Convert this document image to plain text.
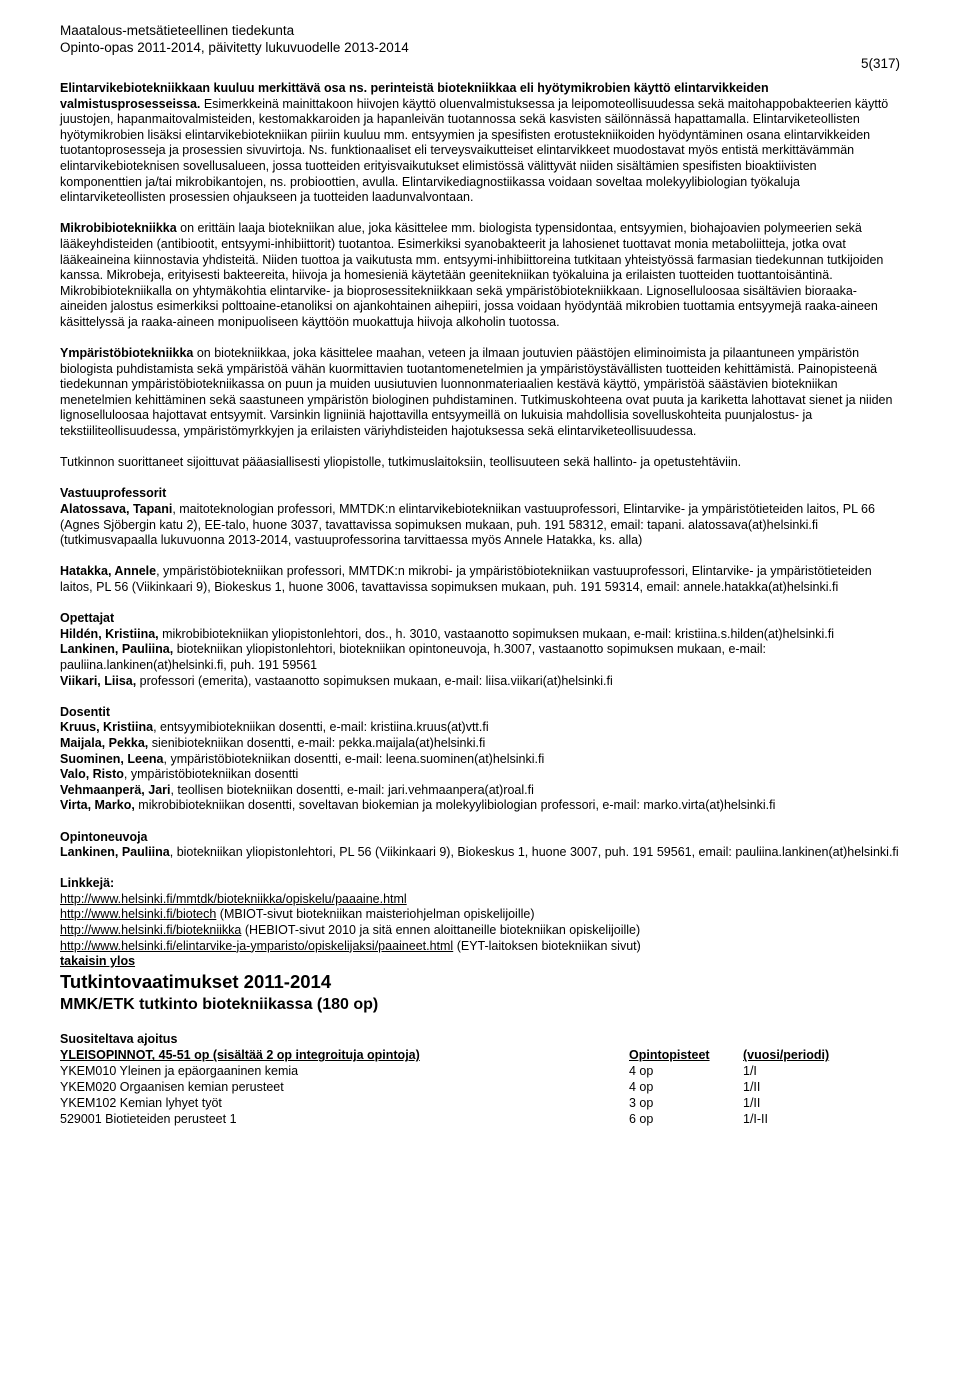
Maatalous-metsätieteellinen tiedekunta
Opinto-opas 2011-2014, päivitetty lukuvuodelle 2013-2014
5(317)

Elintarvikebiotekniikkaan kuuluu merkittävä osa ns. perinteistä biotekniikkaa eli hyötymikrobien käyttö elintarvikkeiden valmistusprosesseissa. Esimerkkeinä mainittakoon hiivojen käyttö oluenvalmistuksessa ja leipomoteollisuudessa sekä maitohappobakteerien käyttö juustojen, hapanmaitovalmisteiden, kestomakkaroiden ja hapanleivän tuotannossa sekä kasvisten säilönnässä hapattamalla. Elintarviketeollisten hyötymikrobien lisäksi elintarvikebiotekniikan piiriin kuuluu mm. entsyymien ja spesifisten erotustekniikoiden hyödyntäminen osana elintarvikkeiden tuotantoprosesseja ja prosessien sivuvirtoja. Ns. funktionaaliset eli terveysvaikutteiset elintarvikkeet muodostavat myös entistä merkittävämmän elintarvikebioteknisen sovellusalueen, jossa tuotteiden erityisvaikutukset elimistössä välittyvät niiden sisältämien spesifisten bioaktiivisten komponenttien ja/tai mikrobikantojen, ns. probioottien, avulla. Elintarvikediagnostiikassa voidaan soveltaa molekyylibiologian työkaluja elintarviketeollisten prosessien ohjaukseen ja tuotteiden laadunvalvontaan.

Mikrobibiotekniikka on erittäin laaja biotekniikan alue, joka käsittelee mm. biologista typensidontaa, entsyymien, biohajoavien polymeerien sekä lääkeyhdisteiden (antibiootit, entsyymi-inhibiittorit) tuotantoa. Esimerkiksi syanobakteerit ja lahosienet tuottavat monia metaboliitteja, jotka ovat lääkeaineina kiinnostavia yhdisteitä. Niiden tuottoa ja vaikutusta mm. entsyymi-inhibiittoreina tutkitaan yhteistyössä farmasian tiedekunnan tutkijoiden kanssa. Mikrobeja, erityisesti bakteereita, hiivoja ja homesieniä käytetään geenitekniikan työkaluina ja erilaisten tuotteiden tuottantoisäntinä. Mikrobibiotekniikalla on yhtymäkohtia elintarvike- ja bioprosessitekniikkaan sekä ympäristöbiotekniikkaan. Lignoselluloosaa sisältävien bioraaka-aineiden jalostus esimerkiksi polttoaine-etanoliksi on ajankohtainen aihepiiri, jossa voidaan hyödyntää mikrobien tuottamia entsyymejä raaka-aineen käsittelyssä ja raaka-aineen monipuoliseen käyttöön muokattuja hiivoja alkoholin tuotossa.

Ympäristöbiotekniikka on biotekniikkaa, joka käsittelee maahan, veteen ja ilmaan joutuvien päästöjen eliminoimista ja pilaantuneen ympäristön biologista puhdistamista sekä ympäristöä vähän kuormittavien tuotantomenetelmien ja ympäristöystävällisten tuotteiden kehittämistä. Painopisteenä tiedekunnan ympäristöbiotekniikassa on puun ja muiden uusiutuvien luonnonmateriaalien kestävä käyttö, ympäristöä säästävien biotekniikan menetelmien kehittäminen sekä saastuneen ympäristön biologinen puhdistaminen. Tutkimuskohteena ovat puuta ja kariketta lahottavat sienet ja niiden lignoselluloosaa hajottavat entsyymit. Varsinkin ligniiniä hajottavilla entsyymeillä on lukuisia mahdollisia sovelluskohteita puunjalostus- ja tekstiiliteollisuudessa, ympäristömyrkkyjen ja erilaisten väriyhdisteiden hajotuksessa sekä elintarviketeollisuudessa.

Tutkinnon suorittaneet sijoittuvat pääasiallisesti yliopistolle, tutkimuslaitoksiin, teollisuuteen sekä hallinto- ja opetustehtäviin.

Vastuuprofessorit

Alatossava, Tapani, maitoteknologian professori, MMTDK:n elintarvikebiotekniikan vastuuprofessori, Elintarvike- ja ympäristötieteiden laitos, PL 66 (Agnes Sjöbergin katu 2), EE-talo, huone 3037, tavattavissa sopimuksen mukaan, puh. 191 58312, email: tapani. alatossava(at)helsinki.fi (tutkimusvapaalla lukuvuonna 2013-2014, vastuuprofessorina tarvittaessa myös Annele Hatakka, ks. alla)

Hatakka, Annele, ympäristöbiotekniikan professori, MMTDK:n mikrobi- ja ympäristöbiotekniikan vastuuprofessori, Elintarvike- ja ympäristötieteiden laitos, PL 56 (Viikinkaari 9), Biokeskus 1, huone 3006, tavattavissa sopimuksen mukaan, puh. 191 59314, email: annele.hatakka(at)helsinki.fi

Opettajat

Hildén, Kristiina, mikrobibiotekniikan yliopistonlehtori, dos., h. 3010, vastaanotto sopimuksen mukaan, e-mail: kristiina.s.hilden(at)helsinki.fi

Lankinen, Pauliina, biotekniikan yliopistonlehtori, biotekniikan opintoneuvoja, h.3007, vastaanotto sopimuksen mukaan, e-mail: pauliina.lankinen(at)helsinki.fi, puh. 191 59561

Viikari, Liisa, professori (emerita), vastaanotto sopimuksen mukaan, e-mail: liisa.viikari(at)helsinki.fi

Dosentit

Kruus, Kristiina, entsyymibiotekniikan dosentti, e-mail: kristiina.kruus(at)vtt.fi

Maijala, Pekka, sienibiotekniikan dosentti, e-mail: pekka.maijala(at)helsinki.fi

Suominen, Leena, ympäristöbiotekniikan dosentti, e-mail: leena.suominen(at)helsinki.fi

Valo, Risto, ympäristöbiotekniikan dosentti

Vehmaanperä, Jari, teollisen biotekniikan dosentti, e-mail: jari.vehmaanpera(at)roal.fi

Virta, Marko, mikrobibiotekniikan dosentti, soveltavan biokemian ja molekyylibiologian professori, e-mail: marko.virta(at)helsinki.fi

Opintoneuvoja

Lankinen, Pauliina, biotekniikan yliopistonlehtori, PL 56 (Viikinkaari 9), Biokeskus 1, huone 3007, puh. 191 59561, email: pauliina.lankinen(at)helsinki.fi

Linkkejä:

http://www.helsinki.fi/mmtdk/biotekniikka/opiskelu/paaaine.html

http://www.helsinki.fi/biotech (MBIOT-sivut biotekniikan maisteriohjelman opiskelijoille)

http://www.helsinki.fi/biotekniikka (HEBIOT-sivut 2010 ja sitä ennen aloittaneille biotekniikan opiskelijoille)

http://www.helsinki.fi/elintarvike-ja-ymparisto/opiskelijaksi/paaineet.html (EYT-laitoksen biotekniikan sivut)

takaisin ylos

Tutkintovaatimukset 2011-2014

MMK/ETK tutkinto biotekniikassa (180 op)

Suositeltava ajoitus

YLEISOPINNOT, 45-51 op (sisältää 2 op integroituja opintoja)	Opintopisteet	(vuosi/periodi)
YKEM010 Yleinen ja epäorgaaninen kemia	4 op	1/I
YKEM020 Orgaanisen kemian perusteet	4 op	1/II
YKEM102 Kemian lyhyet työt	3 op	1/II
529001 Biotieteiden perusteet 1	6 op	1/I-II
